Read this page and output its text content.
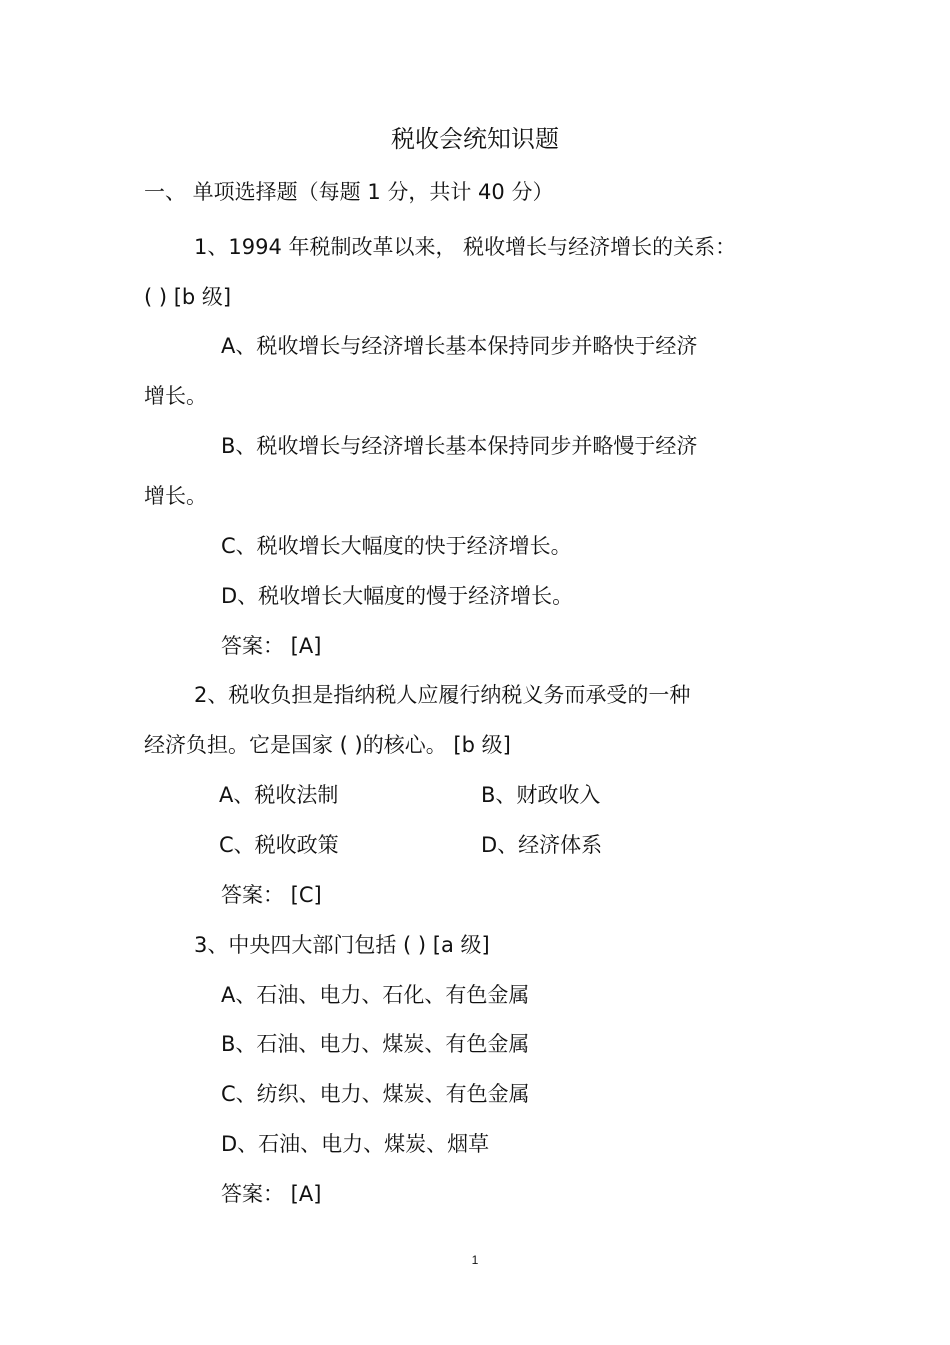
税收会统知识题
一、 单项选择题（每题 1 分，共计 40 分）
1、1994 年税制改革以来， 税收增长与经济增长的关系：
( ) [b 级]
A、税收增长与经济增长基本保持同步并略快于经济
增长。
B、税收增长与经济增长基本保持同步并略慢于经济
增长。
C、税收增长大幅度的快于经济增长。
D、税收增长大幅度的慢于经济增长。
答案： [A]
2、税收负担是指纳税人应履行纳税义务而承受的一种
经济负担。它是国家 ( )的核心。 [b 级]
A、税收法制	B、财政收入
C、税收政策	D、经济体系
答案： [C]
3、中央四大部门包括 ( ) [a 级]
A、石油、电力、石化、有色金属
B、石油、电力、煤炭、有色金属
C、纺织、电力、煤炭、有色金属
D、石油、电力、煤炭、烟草
答案： [A]
1
